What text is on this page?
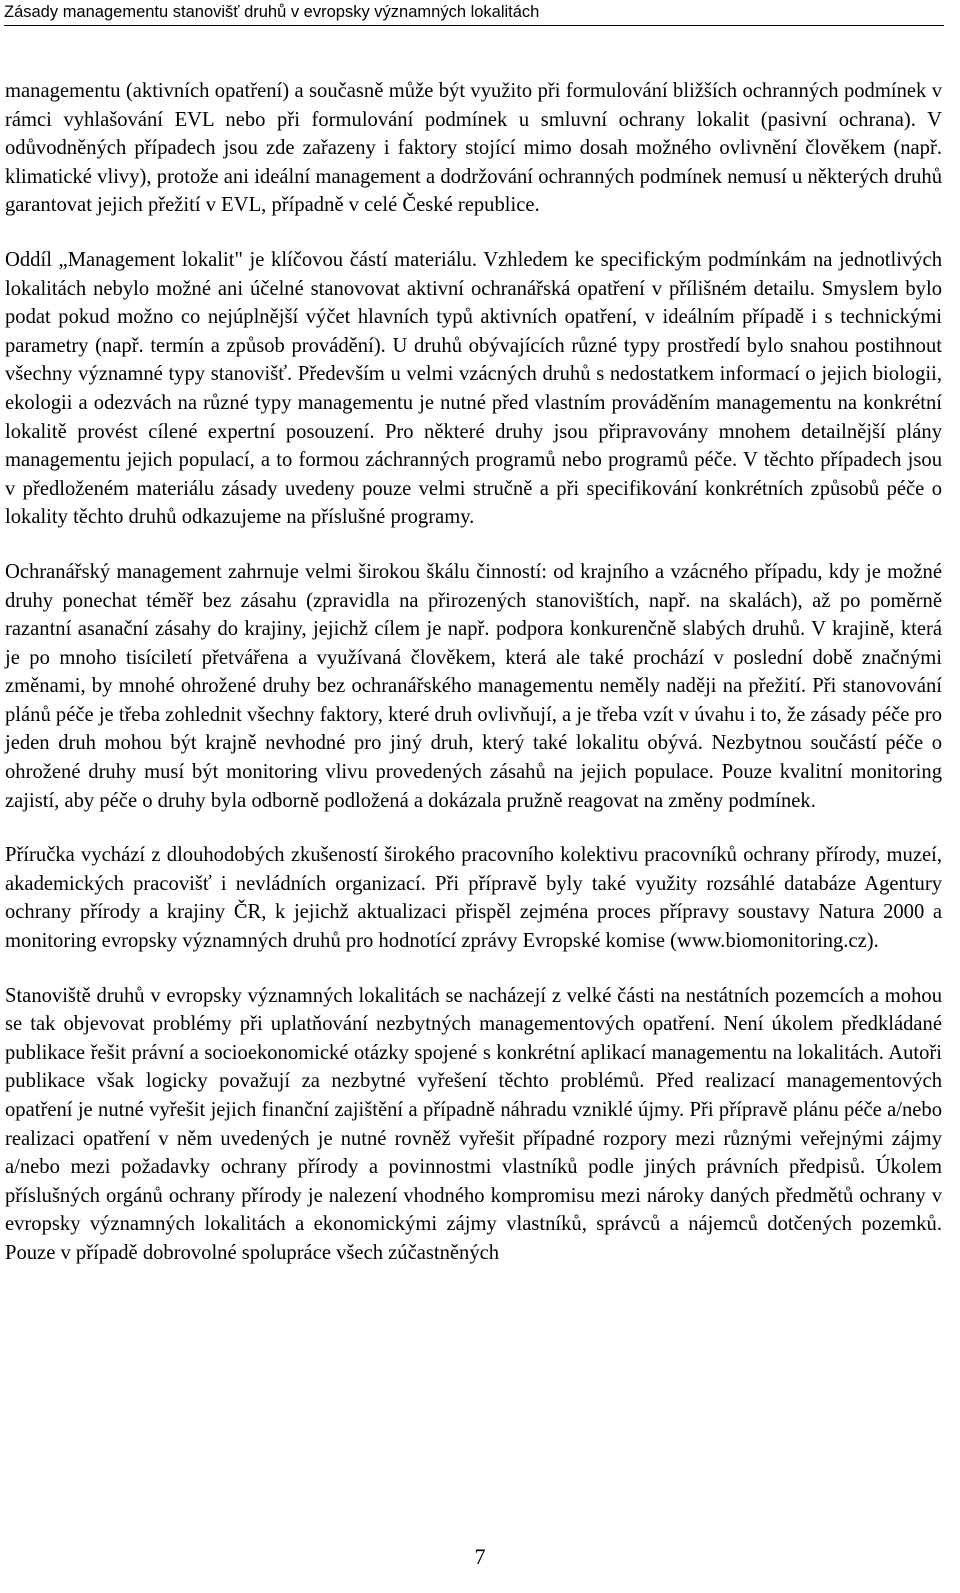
Zásady managementu stanovišť druhů v evropsky významných lokalitách

managementu (aktivních opatření) a současně může být využito při formulování bližších ochranných podmínek v rámci vyhlašování EVL nebo při formulování podmínek u smluvní ochrany lokalit (pasivní ochrana). V odůvodněných případech jsou zde zařazeny i faktory stojící mimo dosah možného ovlivnění člověkem (např. klimatické vlivy), protože ani ideální management a dodržování ochranných podmínek nemusí u některých druhů garantovat jejich přežití v EVL, případně v celé České republice.

Oddíl „Management lokalit" je klíčovou částí materiálu. Vzhledem ke specifickým podmínkám na jednotlivých lokalitách nebylo možné ani účelné stanovovat aktivní ochranářská opatření v přílišném detailu. Smyslem bylo podat pokud možno co nejúplnější výčet hlavních typů aktivních opatření, v ideálním případě i s technickými parametry (např. termín a způsob provádění). U druhů obývajících různé typy prostředí bylo snahou postihnout všechny významné typy stanovišť. Především u velmi vzácných druhů s nedostatkem informací o jejich biologii, ekologii a odezvách na různé typy managementu je nutné před vlastním prováděním managementu na konkrétní lokalitě provést cílené expertní posouzení. Pro některé druhy jsou připravovány mnohem detailnější plány managementu jejich populací, a to formou záchranných programů nebo programů péče. V těchto případech jsou v předloženém materiálu zásady uvedeny pouze velmi stručně a při specifikování konkrétních způsobů péče o lokality těchto druhů odkazujeme na příslušné programy.

Ochranářský management zahrnuje velmi širokou škálu činností: od krajního a vzácného případu, kdy je možné druhy ponechat téměř bez zásahu (zpravidla na přirozených stanovištích, např. na skalách), až po poměrně razantní asanační zásahy do krajiny, jejichž cílem je např. podpora konkurenčně slabých druhů. V krajině, která je po mnoho tisíciletí přetvářena a využívaná člověkem, která ale také prochází v poslední době značnými změnami, by mnohé ohrožené druhy bez ochranářského managementu neměly naději na přežití. Při stanovování plánů péče je třeba zohlednit všechny faktory, které druh ovlivňují, a je třeba vzít v úvahu i to, že zásady péče pro jeden druh mohou být krajně nevhodné pro jiný druh, který také lokalitu obývá. Nezbytnou součástí péče o ohrožené druhy musí být monitoring vlivu provedených zásahů na jejich populace. Pouze kvalitní monitoring zajistí, aby péče o druhy byla odborně podložená a dokázala pružně reagovat na změny podmínek.

Příručka vychází z dlouhodobých zkušeností širokého pracovního kolektivu pracovníků ochrany přírody, muzeí, akademických pracovišť i nevládních organizací. Při přípravě byly také využity rozsáhlé databáze Agentury ochrany přírody a krajiny ČR, k jejichž aktualizaci přispěl zejména proces přípravy soustavy Natura 2000 a monitoring evropsky významných druhů pro hodnotící zprávy Evropské komise (www.biomonitoring.cz).

Stanoviště druhů v evropsky významných lokalitách se nacházejí z velké části na nestátních pozemcích a mohou se tak objevovat problémy při uplatňování nezbytných managementových opatření. Není úkolem předkládané publikace řešit právní a socioekonomické otázky spojené s konkrétní aplikací managementu na lokalitách. Autoři publikace však logicky považují za nezbytné vyřešení těchto problémů. Před realizací managementových opatření je nutné vyřešit jejich finanční zajištění a případně náhradu vzniklé újmy. Při přípravě plánu péče a/nebo realizaci opatření v něm uvedených je nutné rovněž vyřešit případné rozpory mezi různými veřejnými zájmy a/nebo mezi požadavky ochrany přírody a povinnostmi vlastníků podle jiných právních předpisů. Úkolem příslušných orgánů ochrany přírody je nalezení vhodného kompromisu mezi nároky daných předmětů ochrany v evropsky významných lokalitách a ekonomickými zájmy vlastníků, správců a nájemců dotčených pozemků. Pouze v případě dobrovolné spolupráce všech zúčastněných

7
